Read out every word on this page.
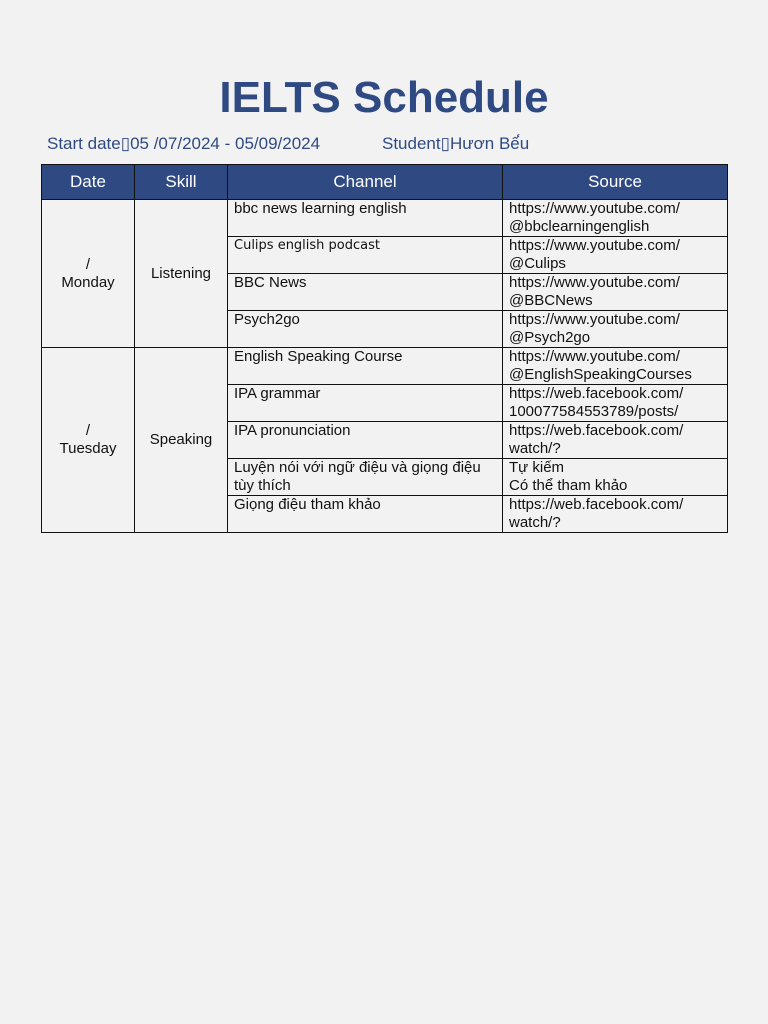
IELTS Schedule
Start date▯05 /07/2024 - 05/09/2024	Student▯Hươn Bế́u
Date	Skill	Channel	Source
/
Monday	Listening	bbc news learning english	https://www.youtube.com/
@bbclearningenglish
		Culips english podcast	https://www.youtube.com/
@Culips
		BBC News	https://www.youtube.com/
@BBCNews
		Psych2go	https://www.youtube.com/
@Psych2go
/
Tuesday	Speaking	English Speaking Course	https://www.youtube.com/
@EnglishSpeakingCourses
		IPA grammar	https://web.facebook.com/
100077584553789/posts/
		IPA pronunciation	https://web.facebook.com/
watch/?
		Luyện nói với ngữ điệu và giọng điệu tùy thích	Tự kiếm
Có thể tham khảo
		Giọng điệu tham khảo	https://web.facebook.com/
watch/?
